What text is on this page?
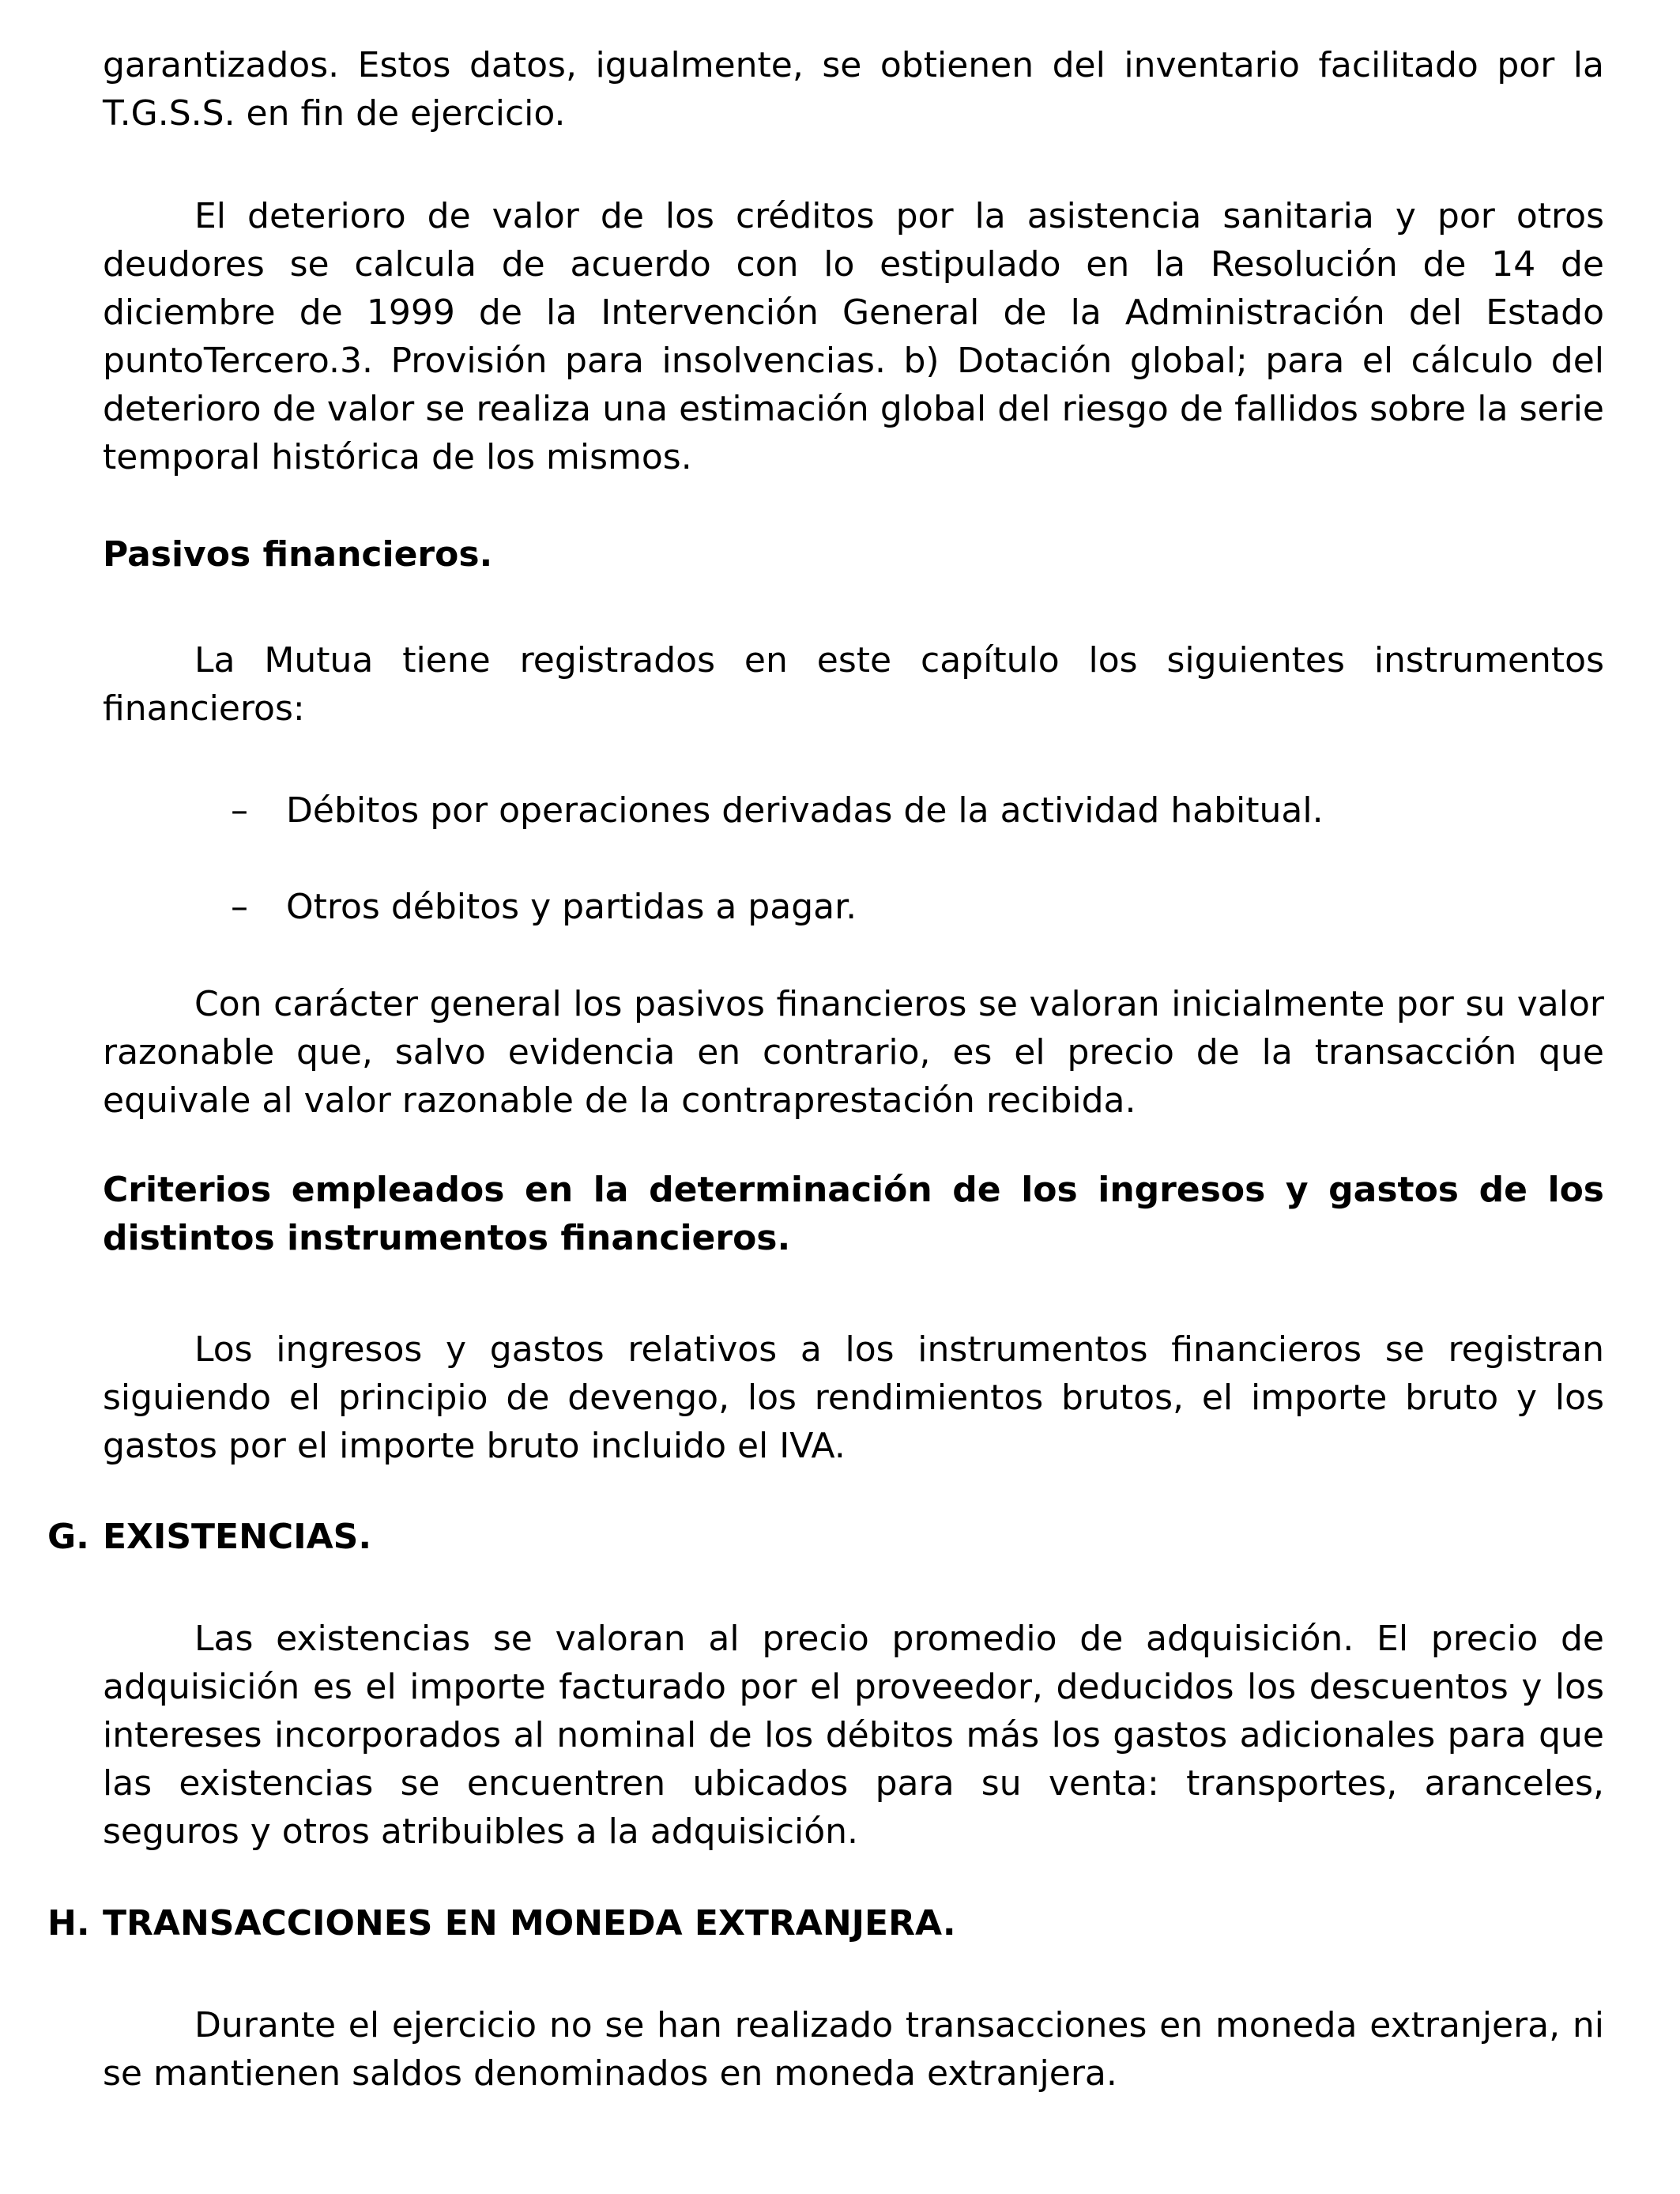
garantizados. Estos datos, igualmente, se obtienen del inventario facilitado por la T.G.S.S. en fin de ejercicio.

El deterioro de valor de los créditos por la asistencia sanitaria y por otros deudores se calcula de acuerdo con lo estipulado en la Resolución de 14 de diciembre de 1999 de la Intervención General de la Administración del Estado puntoTercero.3. Provisión para insolvencias. b) Dotación global; para el cálculo del deterioro de valor se realiza una estimación global del riesgo de fallidos sobre la serie temporal histórica de los mismos.

Pasivos financieros.

La Mutua tiene registrados en este capítulo los siguientes instrumentos financieros:

– Débitos por operaciones derivadas de la actividad habitual.
– Otros débitos y partidas a pagar.

Con carácter general los pasivos financieros se valoran inicialmente por su valor razonable que, salvo evidencia en contrario, es el precio de la transacción que equivale al valor razonable de la contraprestación recibida.

Criterios empleados en la determinación de los ingresos y gastos de los distintos instrumentos financieros.

Los ingresos y gastos relativos a los instrumentos financieros se registran siguiendo el principio de devengo, los rendimientos brutos, el importe bruto y los gastos por el importe bruto incluido el IVA.

G. EXISTENCIAS.

Las existencias se valoran al precio promedio de adquisición. El precio de adquisición es el importe facturado por el proveedor, deducidos los descuentos y los intereses incorporados al nominal de los débitos más los gastos adicionales para que las existencias se encuentren ubicados para su venta: transportes, aranceles, seguros y otros atribuibles a la adquisición.

H. TRANSACCIONES EN MONEDA EXTRANJERA.

Durante el ejercicio no se han realizado transacciones en moneda extranjera, ni se mantienen saldos denominados en moneda extranjera.
